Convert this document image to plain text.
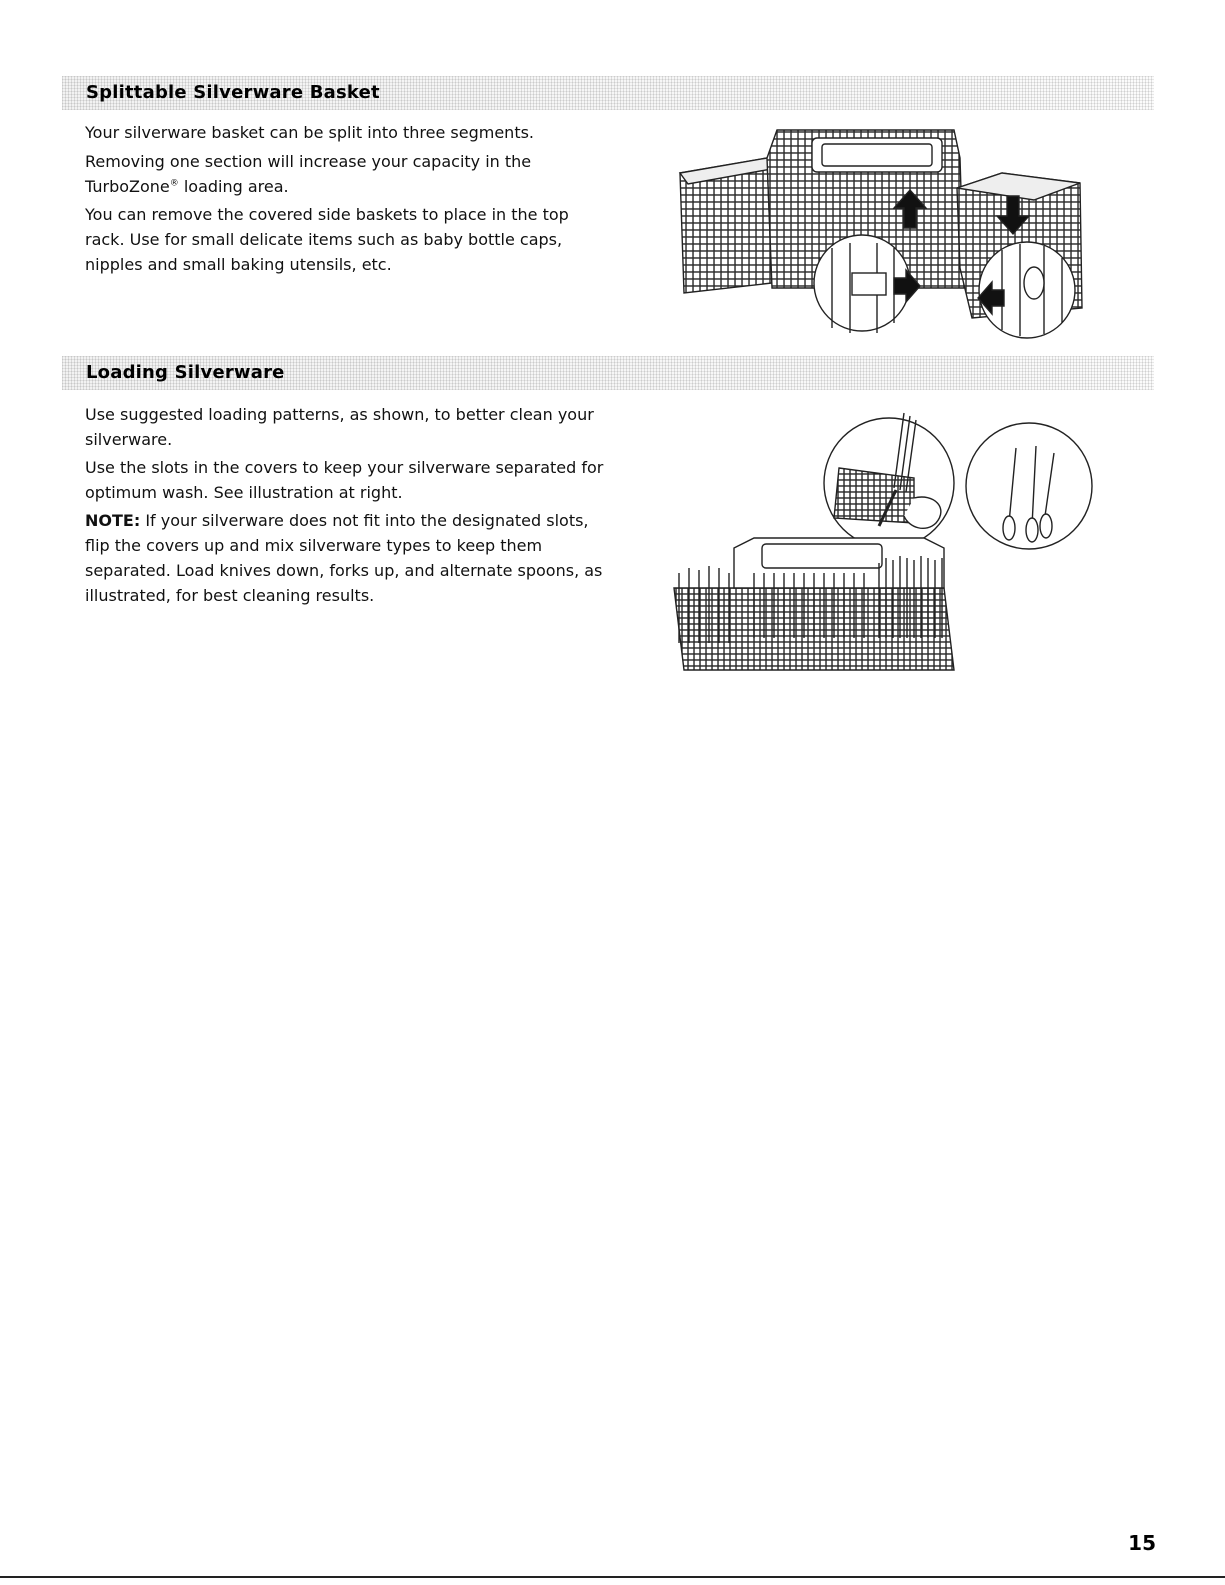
Splittable Silverware Basket

Your silverware basket can be split into three segments.

Removing one section will increase your capacity in the
TurboZone® loading area.

You can remove the covered side baskets to place in the top rack. Use for small delicate items such as baby bottle caps, nipples and small baking utensils, etc.

Loading Silverware

Use suggested loading patterns, as shown, to better clean your silverware.

Use the slots in the covers to keep your silverware separated for optimum wash. See illustration at right.

NOTE: If your silverware does not fit into the designated slots, flip the covers up and mix silverware types to keep them separated. Load knives down, forks up, and alternate spoons, as illustrated, for best cleaning results.

15
